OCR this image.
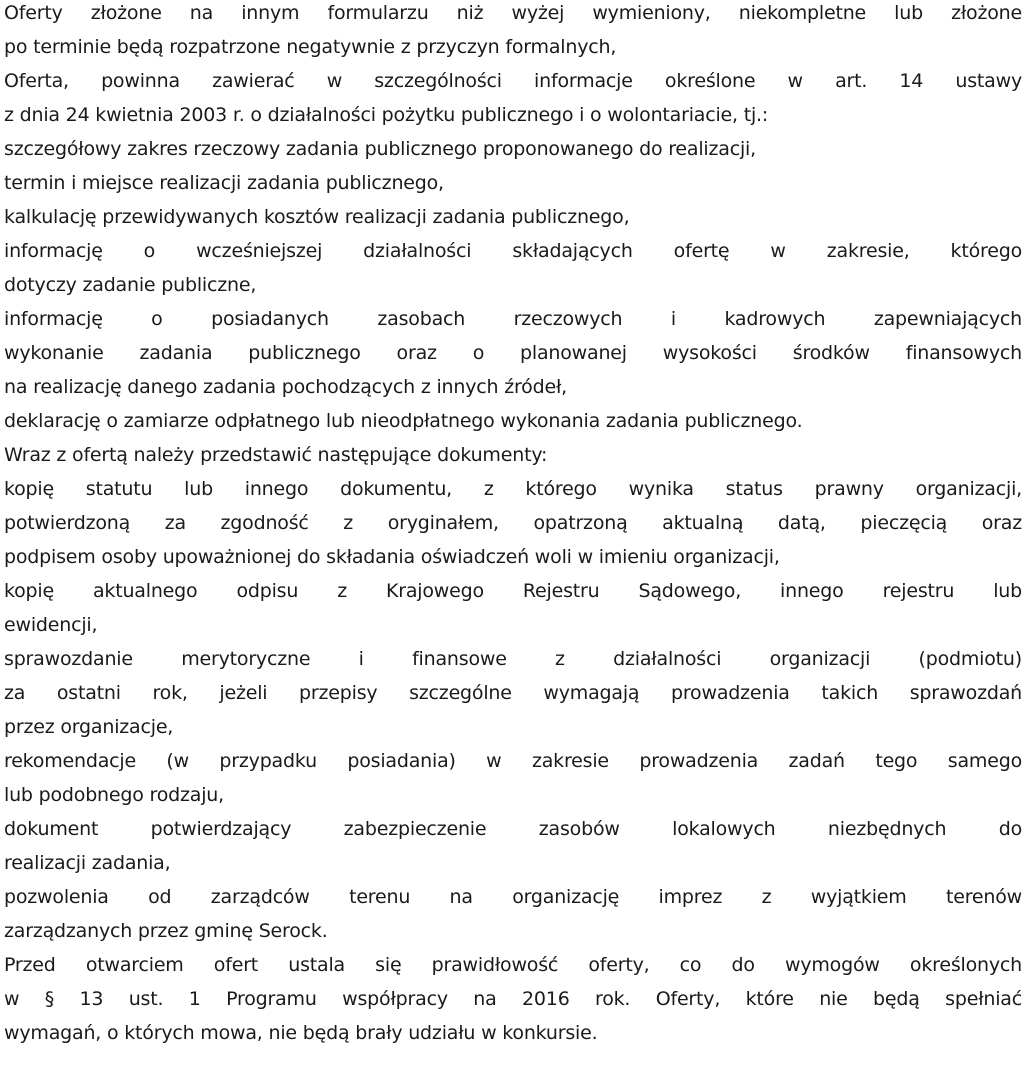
Oferty złożone na innym formularzu niż wyżej wymieniony, niekompletne lub złożone
po terminie będą rozpatrzone negatywnie z przyczyn formalnych,
Oferta, powinna zawierać w szczególności informacje określone w art. 14 ustawy
z dnia 24 kwietnia 2003 r. o działalności pożytku publicznego i o wolontariacie, tj.:
szczegółowy zakres rzeczowy zadania publicznego proponowanego do realizacji,
termin i miejsce realizacji zadania publicznego,
kalkulację przewidywanych kosztów realizacji zadania publicznego,
informację o wcześniejszej działalności składających ofertę w zakresie, którego
dotyczy zadanie publiczne,
informację o posiadanych zasobach rzeczowych i kadrowych zapewniających
wykonanie zadania publicznego oraz o planowanej wysokości środków finansowych
na realizację danego zadania pochodzących z innych źródeł,
deklarację o zamiarze odpłatnego lub nieodpłatnego wykonania zadania publicznego.
Wraz z ofertą należy przedstawić następujące dokumenty:
kopię statutu lub innego dokumentu, z którego wynika status prawny organizacji,
potwierdzoną za zgodność z oryginałem, opatrzoną aktualną datą, pieczęcią oraz
podpisem osoby upoważnionej do składania oświadczeń woli w imieniu organizacji,
kopię aktualnego odpisu z Krajowego Rejestru Sądowego, innego rejestru lub
ewidencji,
sprawozdanie merytoryczne i finansowe z działalności organizacji (podmiotu)
za ostatni rok, jeżeli przepisy szczególne wymagają prowadzenia takich sprawozdań
przez organizacje,
rekomendacje (w przypadku posiadania) w zakresie prowadzenia zadań tego samego
lub podobnego rodzaju,
dokument potwierdzający zabezpieczenie zasobów lokalowych niezbędnych do
realizacji zadania,
pozwolenia od zarządców terenu na organizację imprez z wyjątkiem terenów
zarządzanych przez gminę Serock.
Przed otwarciem ofert ustala się prawidłowość oferty, co do wymogów określonych
w § 13 ust. 1 Programu współpracy na 2016 rok. Oferty, które nie będą spełniać
wymagań, o których mowa, nie będą brały udziału w konkursie.
